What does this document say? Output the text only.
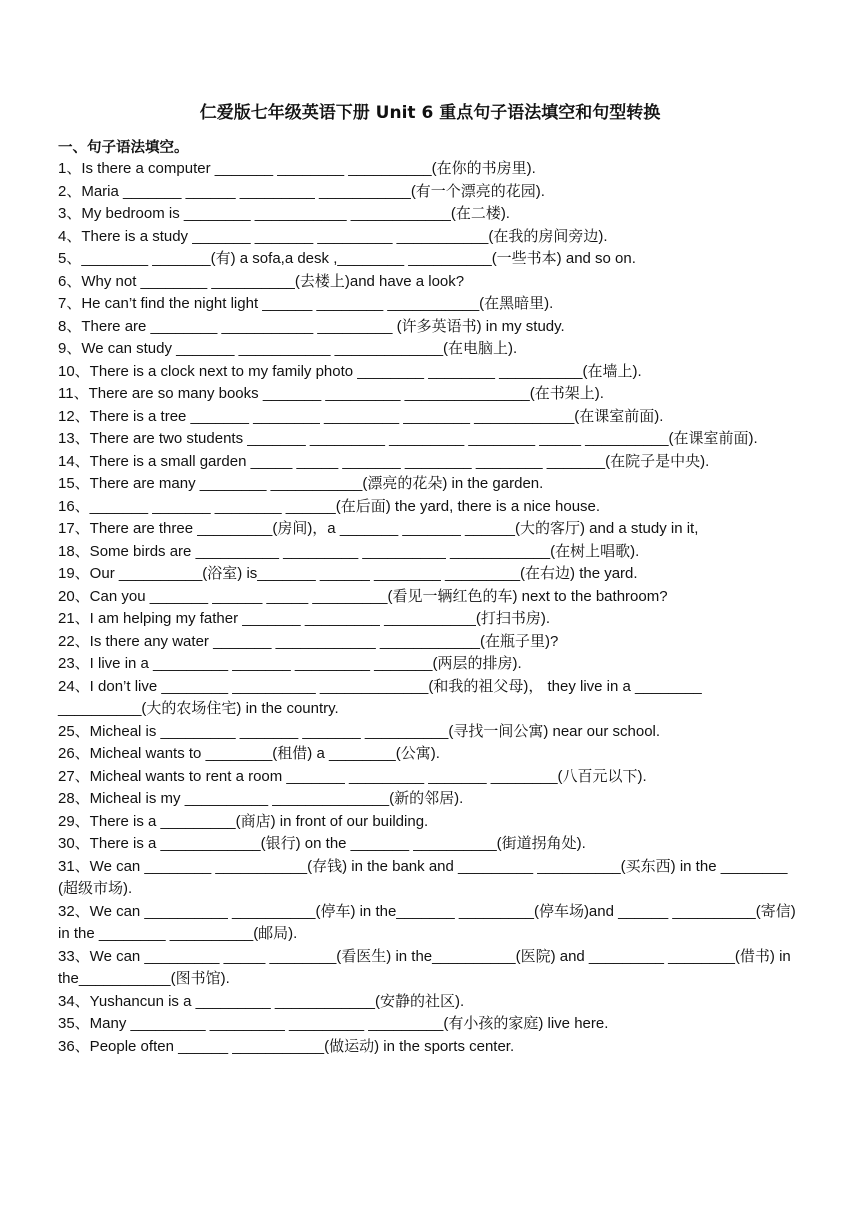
仁爱版七年级英语下册 Unit 6 重点句子语法填空和句型转换
一、句子语法填空。

1、Is there a computer _______ ________ __________(在你的书房里).

2、Maria _______ ______ _________ ___________(有一个漂亮的花园).

3、My bedroom is ________ ___________ ____________(在二楼).

4、There is a study _______ _______ _________ ___________(在我的房间旁边).

5、________ _______(有) a sofa,a desk ,________ __________(一些书本) and so on.

6、Why not ________ __________(去楼上)and have a look?

7、He can’t find the night light ______ ________ ___________(在黑暗里).

8、There are ________ ___________ _________ (许多英语书) in my study.

9、We can study _______ ___________ _____________(在电脑上).

10、There is a clock next to my family photo ________ ________ __________(在墙上).

11、There are so many books _______ _________ _______________(在书架上).

12、There is a tree _______ ________ _________ ________ ____________(在课室前面).

13、There are two students _______ _________ _________ ________ _____ __________(在课室前面).

14、There is a small garden _____ _____ _______ ________ ________ _______(在院子是中央).

15、There are many ________ ___________(漂亮的花朵) in the garden.

16、_______ _______ ________ ______(在后面) the yard, there is a nice house.

17、There are three _________(房间)，a _______ _______ ______(大的客厅) and a study in it,

18、Some birds are __________ _________ __________ ____________(在树上唱歌).

19、Our __________(浴室) is_______ ______ ________ _________(在右边) the yard.

20、Can you _______ ______ _____ _________(看见一辆红色的车) next to the bathroom?

21、I am helping my father _______ _________ ___________(打扫书房).

22、Is there any water _______ ____________ ____________(在瓶子里)?

23、I live in a _________ _______ _________ _______(两层的排房).

24、I don’t live ________ __________ _____________(和我的祖父母)， they live in a ________ __________(大的农场住宅) in the country.

25、Micheal is _________ _______ _______ __________(寻找一间公寓) near our school.

26、Micheal wants to ________(租借) a ________(公寓).

27、Micheal wants to rent a room _______ _________ _______ ________(八百元以下).

28、Micheal is my __________ ______________(新的邻居).

29、There is a _________(商店) in front of our building.

30、There is a ____________(银行) on the _______ __________(街道拐角处).

31、We can ________ ___________(存钱) in the bank and _________ __________(买东西) in the ________ (超级市场).

32、We can __________ __________(停车) in the_______ _________(停车场)and ______ __________(寄信) in the ________ __________(邮局).

33、We can _________ _____ ________(看医生) in the__________(医院) and _________ ________(借书) in the___________(图书馆).

34、Yushancun is a _________ ____________(安静的社区).

35、Many _________ _________ _________ _________(有小孩的家庭) live here.

36、People often ______ ___________(做运动) in the sports center.
